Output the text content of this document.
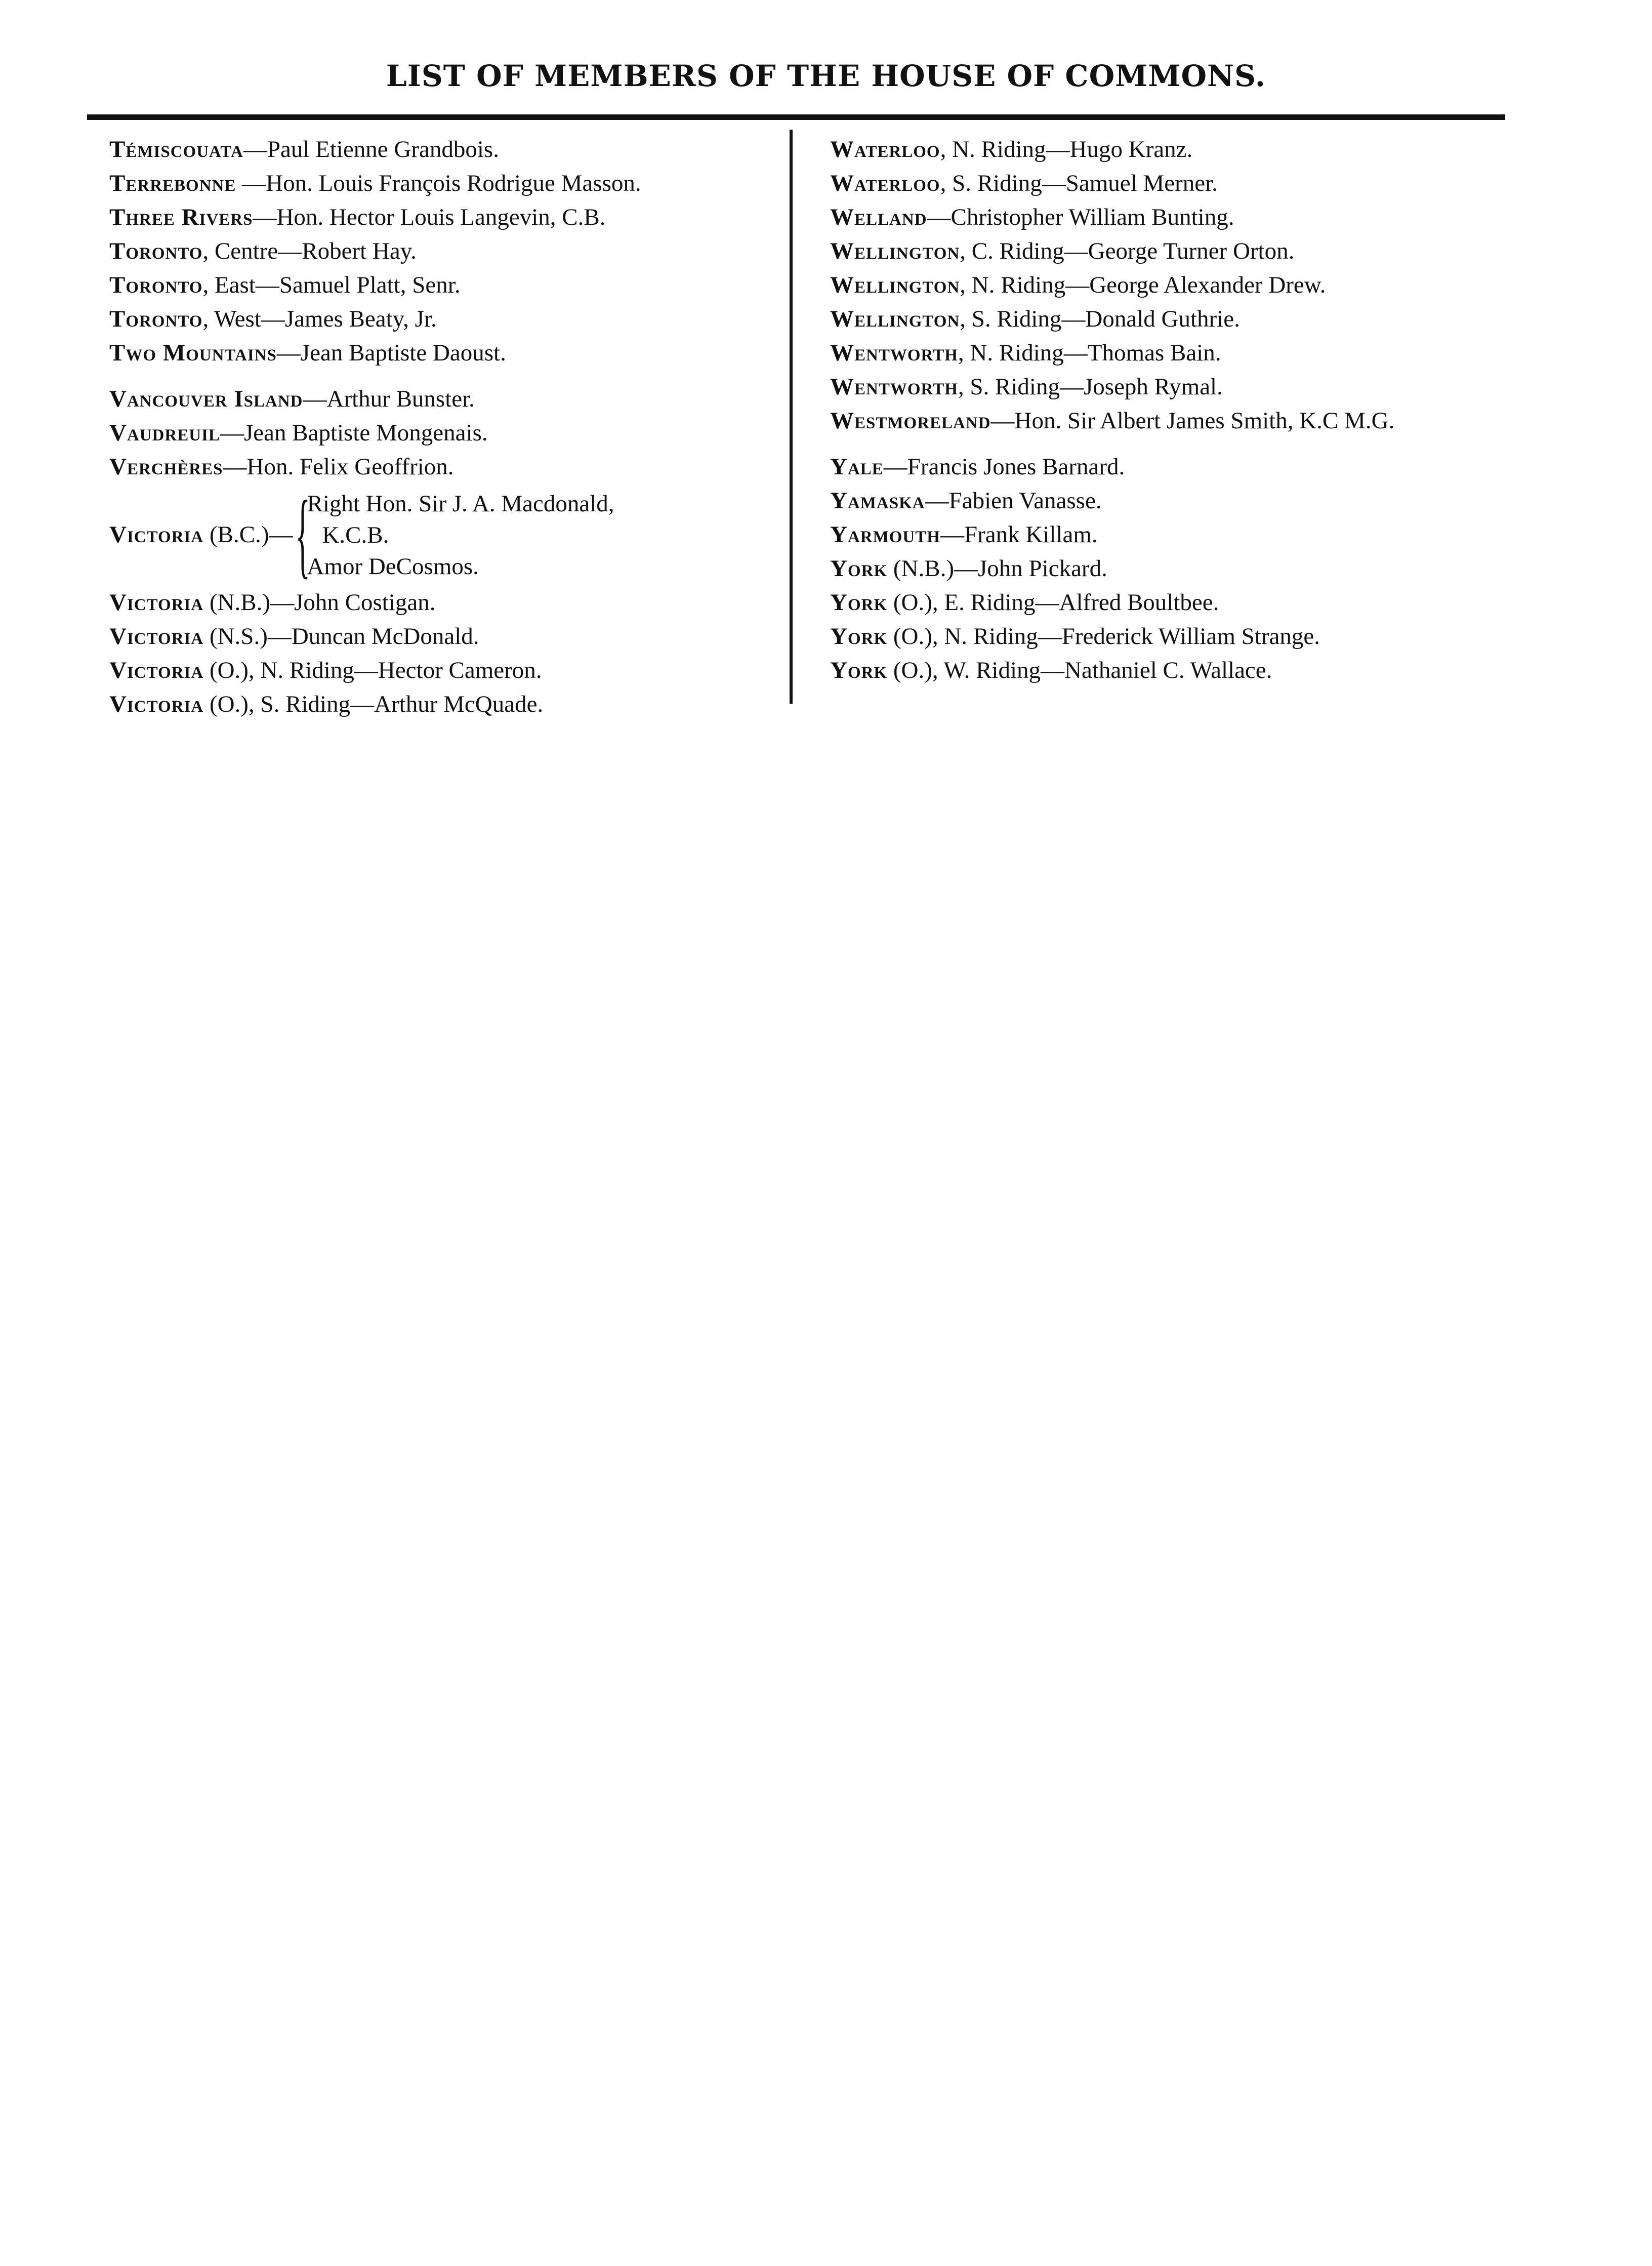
LIST OF MEMBERS OF THE HOUSE OF COMMONS.
Témiscouata—Paul Etienne Grandbois.
Terrebonne —Hon. Louis François Rodrigue Masson.
Three Rivers—Hon. Hector Louis Langevin, C.B.
Toronto, Centre—Robert Hay.
Toronto, East—Samuel Platt, Senr.
Toronto, West—James Beaty, Jr.
Two Mountains—Jean Baptiste Daoust.
Vancouver Island—Arthur Bunster.
Vaudreuil—Jean Baptiste Mongenais.
Verchères—Hon. Felix Geoffrion.
Victoria (B.C.)— {
Right Hon. Sir J. A. Macdonald,
K.C.B.
Amor DeCosmos.
Victoria (N.B.)—John Costigan.
Victoria (N.S.)—Duncan McDonald.
Victoria (O.), N. Riding—Hector Cameron.
Victoria (O.), S. Riding—Arthur McQuade.
Waterloo, N. Riding—Hugo Kranz.
Waterloo, S. Riding—Samuel Merner.
Welland—Christopher William Bunting.
Wellington, C. Riding—George Turner Orton.
Wellington, N. Riding—George Alexander Drew.
Wellington, S. Riding—Donald Guthrie.
Wentworth, N. Riding—Thomas Bain.
Wentworth, S. Riding—Joseph Rymal.
Westmoreland—Hon. Sir Albert James Smith, K.C M.G.
Yale—Francis Jones Barnard.
Yamaska—Fabien Vanasse.
Yarmouth—Frank Killam.
York (N.B.)—John Pickard.
York (O.), E. Riding—Alfred Boultbee.
York (O.), N. Riding—Frederick William Strange.
York (O.), W. Riding—Nathaniel C. Wallace.
